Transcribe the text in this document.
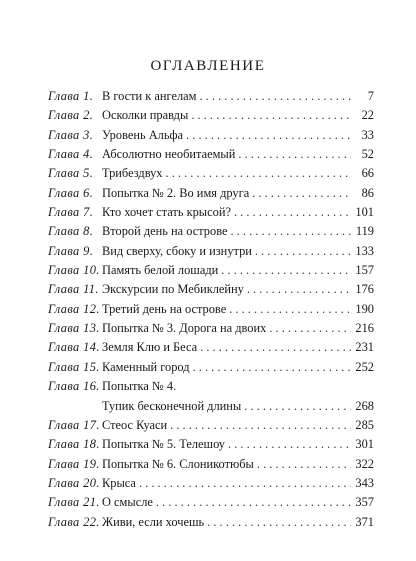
ОГЛАВЛЕНИЕ
Глава 1. В гости к ангелам . . .	7
Глава 2. Осколки правды . . .	22
Глава 3. Уровень Альфа . . .	33
Глава 4. Абсолютно необитаемый . . .	52
Глава 5. Трибездвух . . .	66
Глава 6. Попытка № 2. Во имя друга . . .	86
Глава 7. Кто хочет стать крысой? . . .	101
Глава 8. Второй день на острове . . .	119
Глава 9. Вид сверху, сбоку и изнутри . . .	133
Глава 10. Память белой лошади . . .	157
Глава 11. Экскурсии по Мебиклейну . . .	176
Глава 12. Третий день на острове . . .	190
Глава 13. Попытка № 3. Дорога на двоих . . .	216
Глава 14. Земля Клю и Беса . . .	231
Глава 15. Каменный город . . .	252
Глава 16. Попытка № 4.
Тупик бесконечной длины . . .	268
Глава 17. Стеос Куаси . . .	285
Глава 18. Попытка № 5. Телешоу . . .	301
Глава 19. Попытка № 6. Слоникотюбы . . .	322
Глава 20. Крыса . . .	343
Глава 21. О смысле . . .	357
Глава 22. Живи, если хочешь . . .	371
